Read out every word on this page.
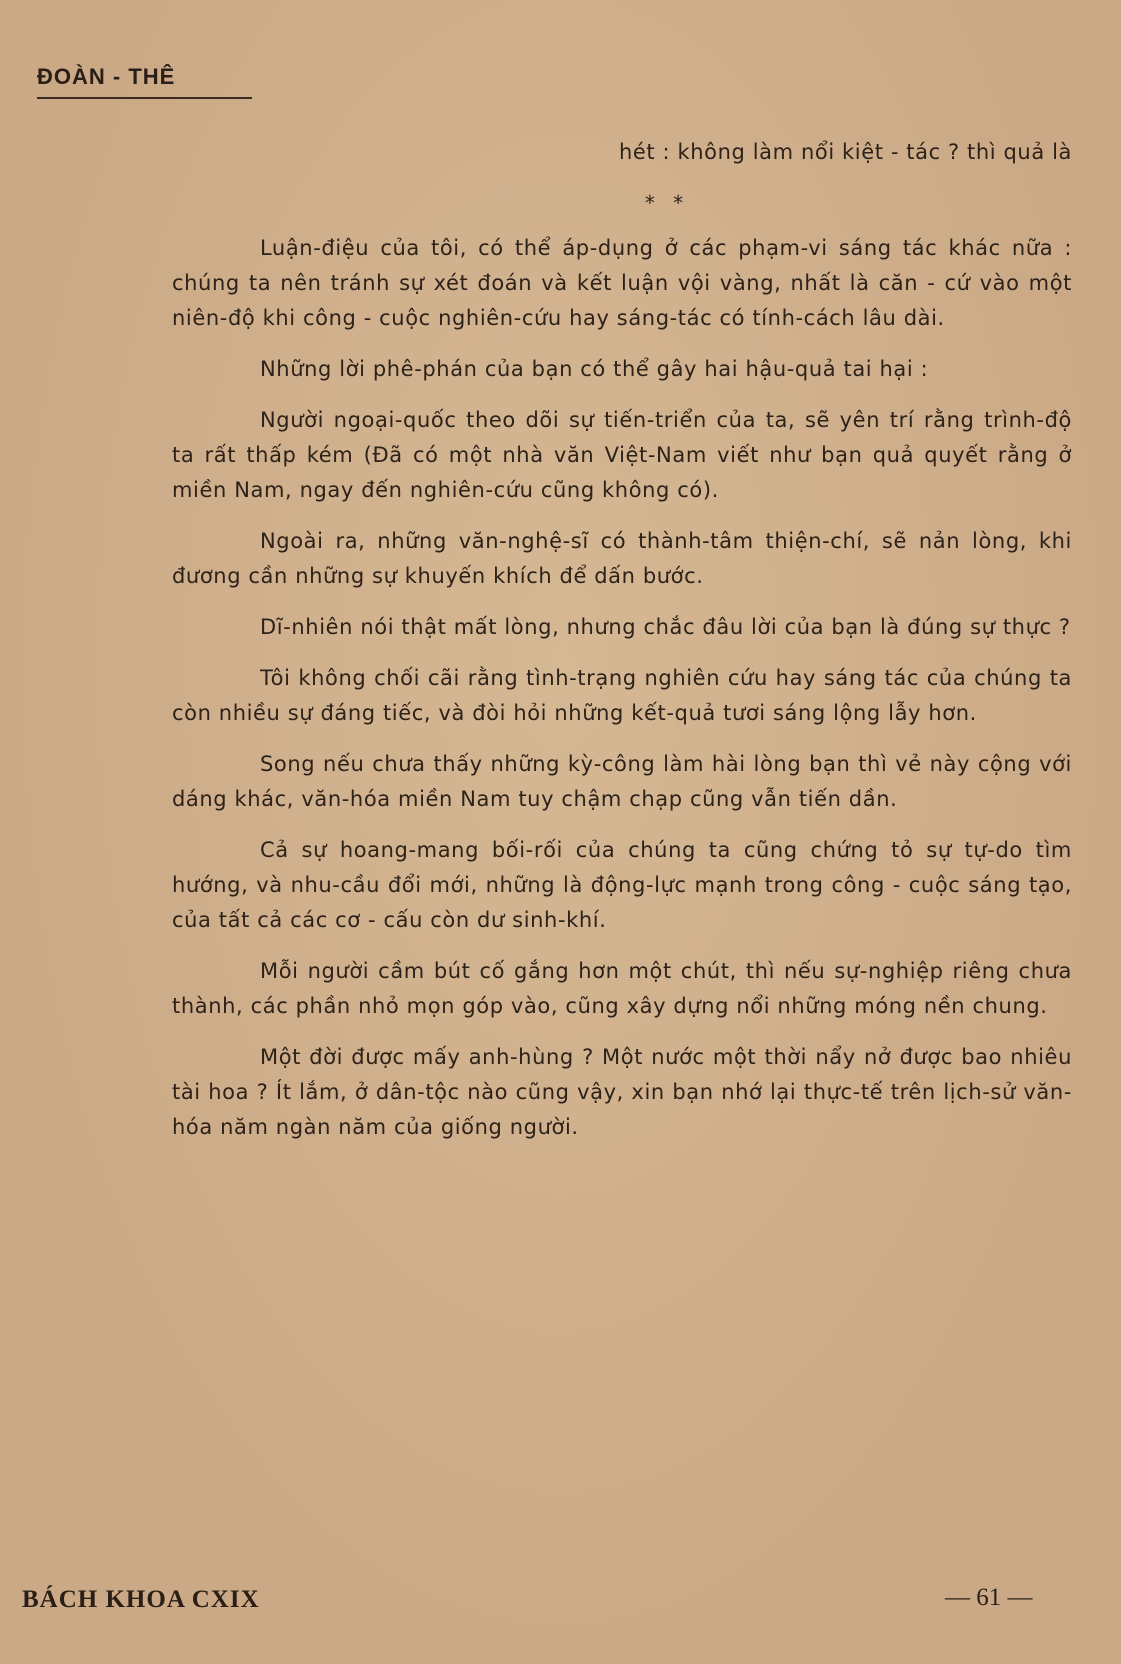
ĐOÀN - THÊ

hét : không làm nổi kiệt - tác ? thì quả là

* *

Luận-điệu của tôi, có thể áp-dụng ở các phạm-vi sáng tác khác nữa : chúng ta nên tránh sự xét đoán và kết luận vội vàng, nhất là căn - cứ vào một niên-độ khi công - cuộc nghiên-cứu hay sáng-tác có tính-cách lâu dài.

Những lời phê-phán của bạn có thể gây hai hậu-quả tai hại :

Người ngoại-quốc theo dõi sự tiến-triển của ta, sẽ yên trí rằng trình-độ ta rất thấp kém (Đã có một nhà văn Việt-Nam viết như bạn quả quyết rằng ở miền Nam, ngay đến nghiên-cứu cũng không có).

Ngoài ra, những văn-nghệ-sĩ có thành-tâm thiện-chí, sẽ nản lòng, khi đương cần những sự khuyến khích để dấn bước.

Dĩ-nhiên nói thật mất lòng, nhưng chắc đâu lời của bạn là đúng sự thực ?

Tôi không chối cãi rằng tình-trạng nghiên cứu hay sáng tác của chúng ta còn nhiều sự đáng tiếc, và đòi hỏi những kết-quả tươi sáng lộng lẫy hơn.

Song nếu chưa thấy những kỳ-công làm hài lòng bạn thì vẻ này cộng với dáng khác, văn-hóa miền Nam tuy chậm chạp cũng vẫn tiến dần.

Cả sự hoang-mang bối-rối của chúng ta cũng chứng tỏ sự tự-do tìm hướng, và nhu-cầu đổi mới, những là động-lực mạnh trong công - cuộc sáng tạo, của tất cả các cơ - cấu còn dư sinh-khí.

Mỗi người cầm bút cố gắng hơn một chút, thì nếu sự-nghiệp riêng chưa thành, các phần nhỏ mọn góp vào, cũng xây dựng nổi những móng nền chung.

Một đời được mấy anh-hùng ? Một nước một thời nẩy nở được bao nhiêu tài hoa ? Ít lắm, ở dân-tộc nào cũng vậy, xin bạn nhớ lại thực-tế trên lịch-sử văn-hóa năm ngàn năm của giống người.

BÁCH KHOA CXIX	— 61 —
